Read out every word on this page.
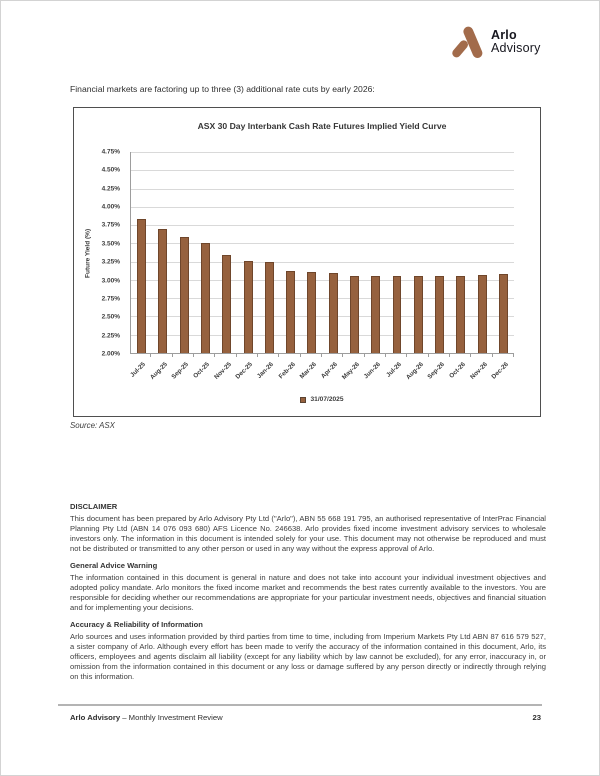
Arlo
Advisory
Financial markets are factoring up to three (3) additional rate cuts by early 2026:
ASX 30 Day Interbank Cash Rate Futures Implied Yield Curve
Future Yield (%)
4.75%
4.50%
4.25%
4.00%
3.75%
3.50%
3.25%
3.00%
2.75%
2.50%
2.25%
2.00%
Jul-25 Aug-25 Sep-25 Oct-25 Nov-25 Dec-25 Jan-26 Feb-26 Mar-26 Apr-26 May-26 Jun-26 Jul-26 Aug-26 Sep-26 Oct-26 Nov-26 Dec-26
31/07/2025
Source: ASX
DISCLAIMER
This document has been prepared by Arlo Advisory Pty Ltd ("Arlo"), ABN 55 668 191 795, an authorised representative of InterPrac Financial Planning Pty Ltd (ABN 14 076 093 680) AFS Licence No. 246638. Arlo provides fixed income investment advisory services to wholesale investors only. The information in this document is intended solely for your use. This document may not otherwise be reproduced and must not be distributed or transmitted to any other person or used in any way without the express approval of Arlo.
General Advice Warning
The information contained in this document is general in nature and does not take into account your individual investment objectives and adopted policy mandate. Arlo monitors the fixed income market and recommends the best rates currently available to the investors. You are responsible for deciding whether our recommendations are appropriate for your particular investment needs, objectives and financial situation and for implementing your decisions.
Accuracy & Reliability of Information
Arlo sources and uses information provided by third parties from time to time, including from Imperium Markets Pty Ltd ABN 87 616 579 527, a sister company of Arlo. Although every effort has been made to verify the accuracy of the information contained in this document, Arlo, its officers, employees and agents disclaim all liability (except for any liability which by law cannot be excluded), for any error, inaccuracy in, or omission from the information contained in this document or any loss or damage suffered by any person directly or indirectly through relying on this information.
Arlo Advisory – Monthly Investment Review	23
